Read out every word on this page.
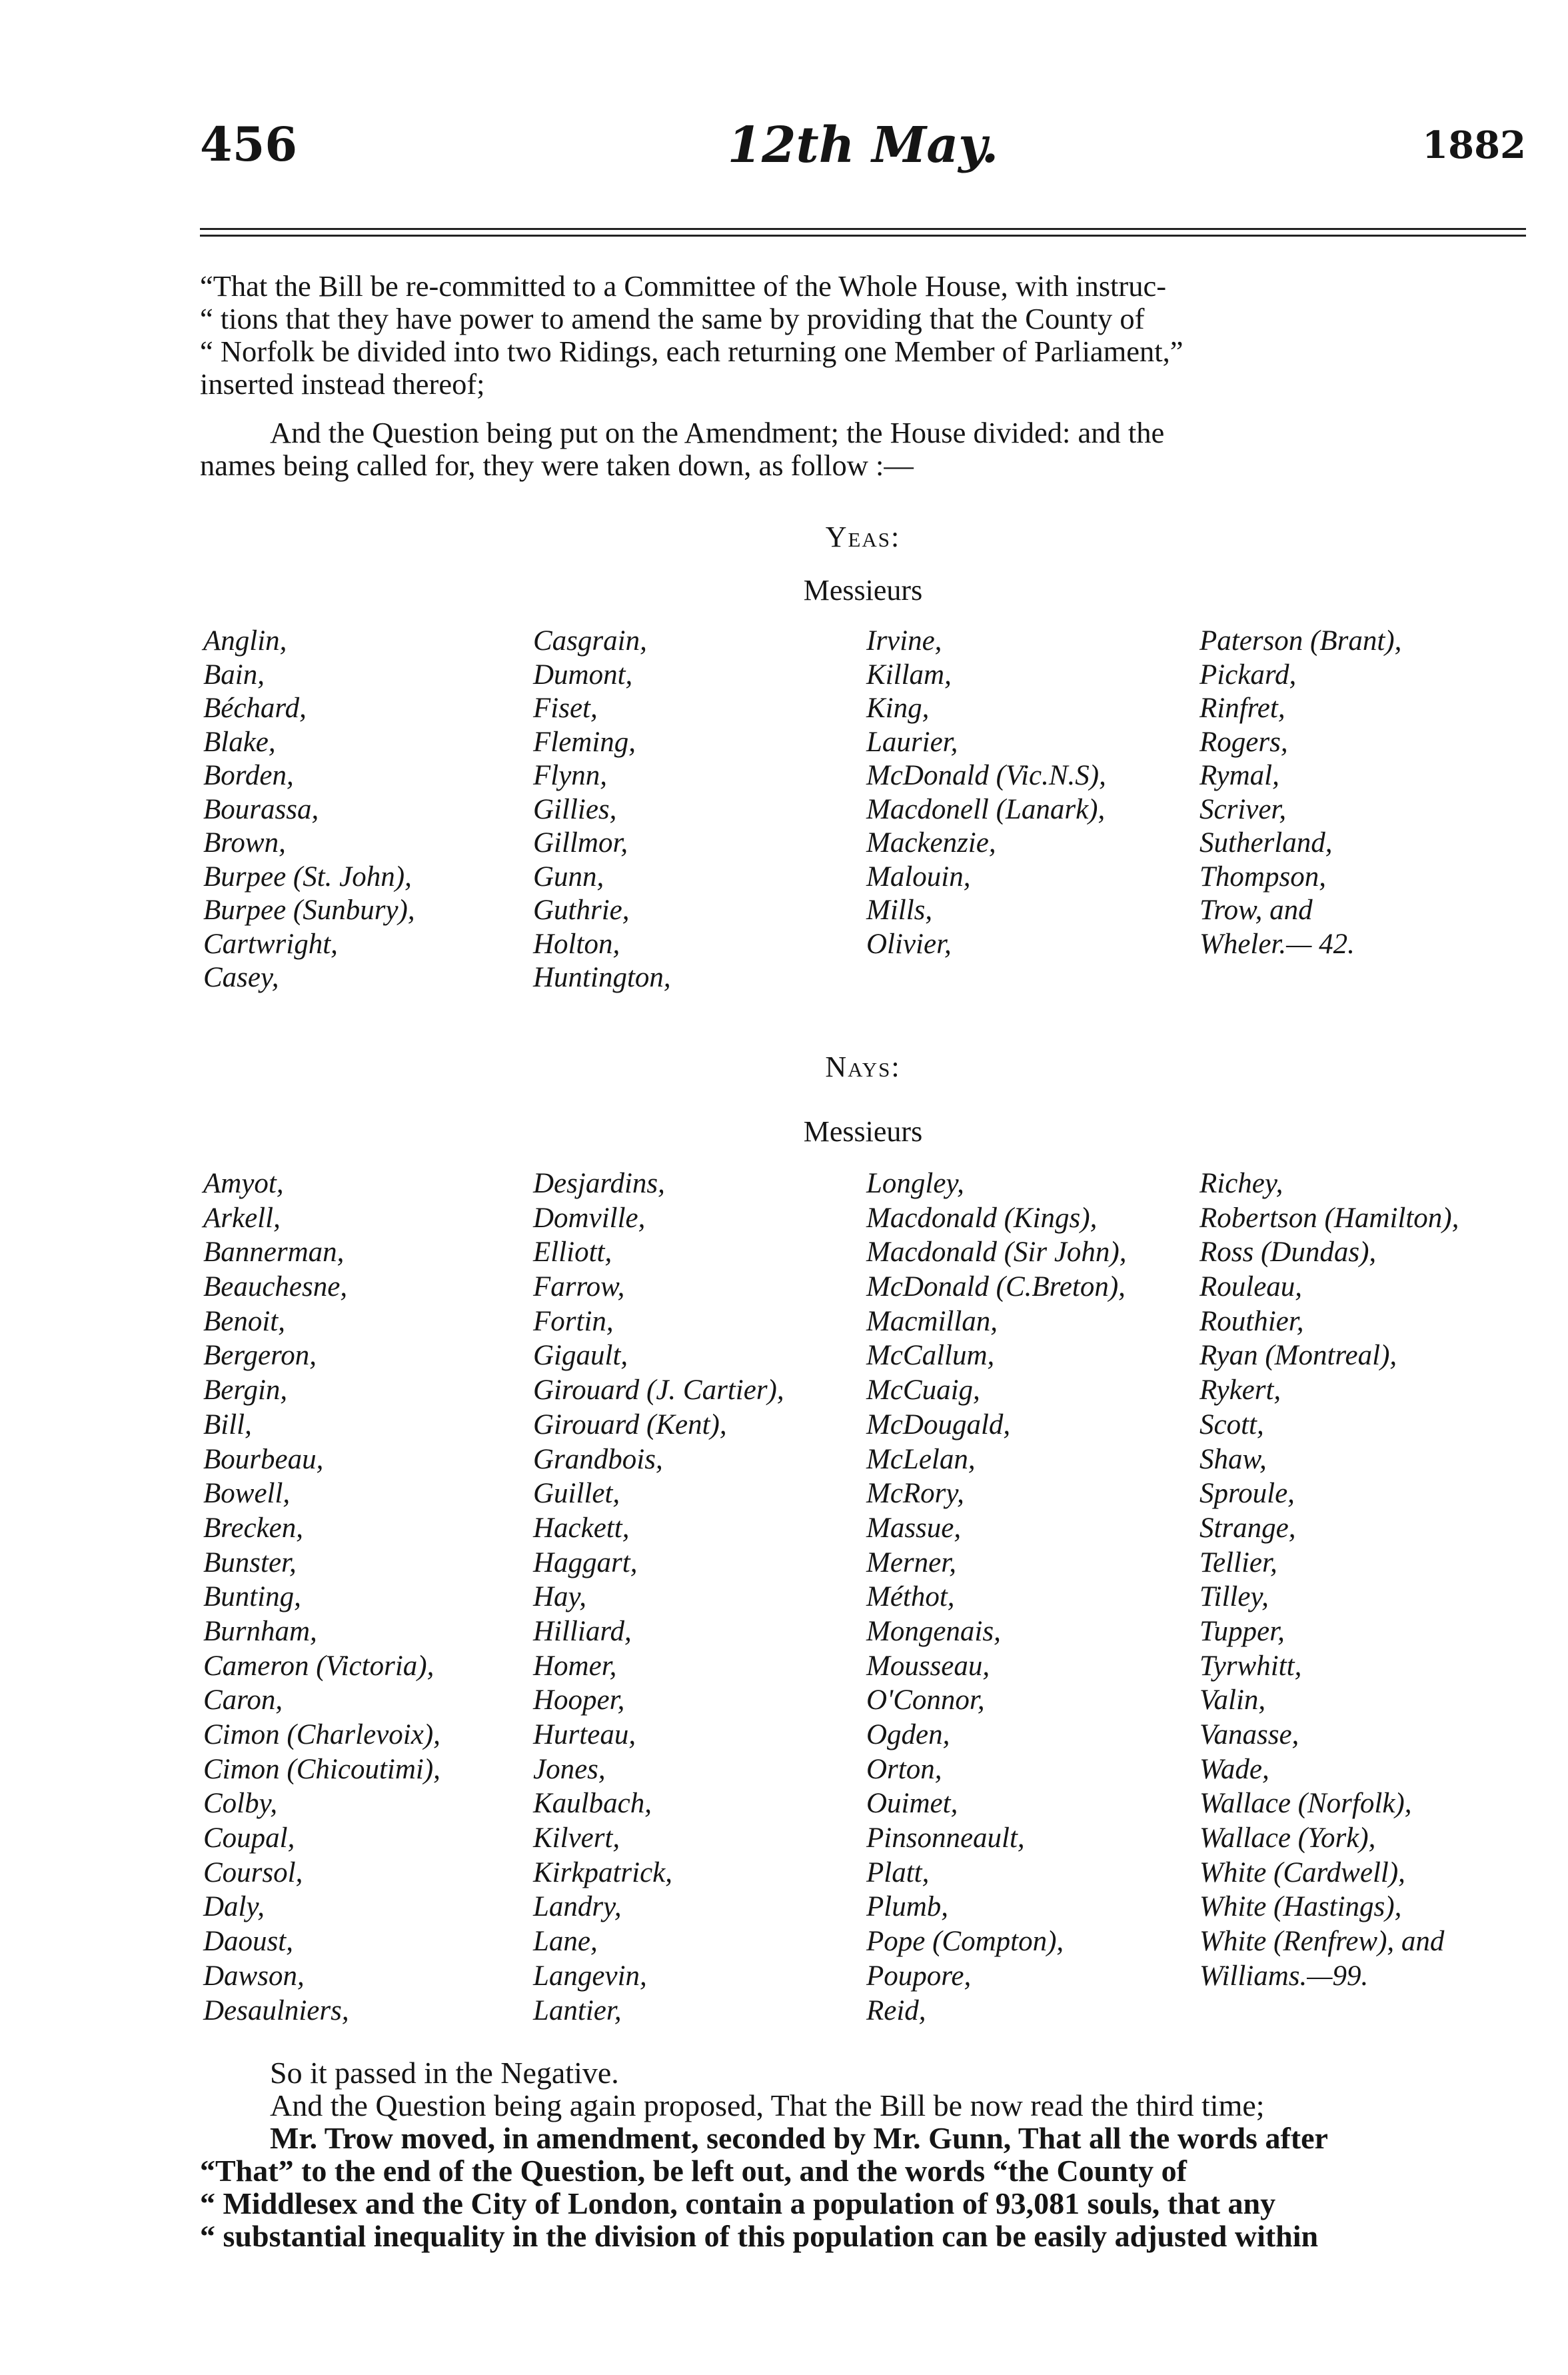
456	12th May.	1882
“That the Bill be re-committed to a Committee of the Whole House, with instruc-
“ tions that they have power to amend the same by providing that the County of
“ Norfolk be divided into two Ridings, each returning one Member of Parliament,”
inserted instead thereof;
And the Question being put on the Amendment; the House divided: and the
names being called for, they were taken down, as follow :—
Yeas:
Messieurs
Anglin,
Bain,
Béchard,
Blake,
Borden,
Bourassa,
Brown,
Burpee (St. John),
Burpee (Sunbury),
Cartwright,
Casey,
Casgrain,
Dumont,
Fiset,
Fleming,
Flynn,
Gillies,
Gillmor,
Gunn,
Guthrie,
Holton,
Huntington,
Irvine,
Killam,
King,
Laurier,
McDonald (Vic.N.S),
Macdonell (Lanark),
Mackenzie,
Malouin,
Mills,
Olivier,
Paterson (Brant),
Pickard,
Rinfret,
Rogers,
Rymal,
Scriver,
Sutherland,
Thompson,
Trow, and
Wheler.— 42.
Nays:
Messieurs
Amyot,
Arkell,
Bannerman,
Beauchesne,
Benoit,
Bergeron,
Bergin,
Bill,
Bourbeau,
Bowell,
Brecken,
Bunster,
Bunting,
Burnham,
Cameron (Victoria),
Caron,
Cimon (Charlevoix),
Cimon (Chicoutimi),
Colby,
Coupal,
Coursol,
Daly,
Daoust,
Dawson,
Desaulniers,
Desjardins,
Domville,
Elliott,
Farrow,
Fortin,
Gigault,
Girouard (J. Cartier),
Girouard (Kent),
Grandbois,
Guillet,
Hackett,
Haggart,
Hay,
Hilliard,
Homer,
Hooper,
Hurteau,
Jones,
Kaulbach,
Kilvert,
Kirkpatrick,
Landry,
Lane,
Langevin,
Lantier,
Longley,
Macdonald (Kings),
Macdonald (Sir John),
McDonald (C.Breton),
Macmillan,
McCallum,
McCuaig,
McDougald,
McLelan,
McRory,
Massue,
Merner,
Méthot,
Mongenais,
Mousseau,
O'Connor,
Ogden,
Orton,
Ouimet,
Pinsonneault,
Platt,
Plumb,
Pope (Compton),
Poupore,
Reid,
Richey,
Robertson (Hamilton),
Ross (Dundas),
Rouleau,
Routhier,
Ryan (Montreal),
Rykert,
Scott,
Shaw,
Sproule,
Strange,
Tellier,
Tilley,
Tupper,
Tyrwhitt,
Valin,
Vanasse,
Wade,
Wallace (Norfolk),
Wallace (York),
White (Cardwell),
White (Hastings),
White (Renfrew), and
Williams.—99.
So it passed in the Negative.
And the Question being again proposed, That the Bill be now read the third time;
Mr. Trow moved, in amendment, seconded by Mr. Gunn, That all the words after
“That” to the end of the Question, be left out, and the words “the County of
“ Middlesex and the City of London, contain a population of 93,081 souls, that any
“ substantial inequality in the division of this population can be easily adjusted within
